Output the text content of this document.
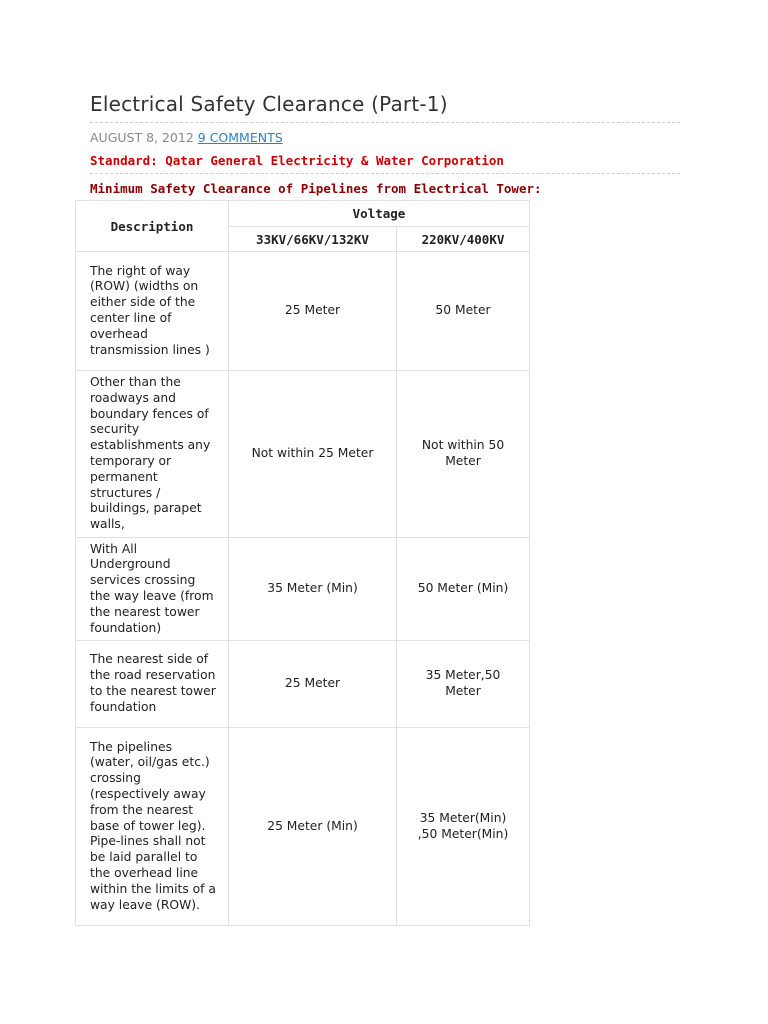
Electrical Safety Clearance (Part-1)
AUGUST 8, 2012 9 COMMENTS
Standard: Qatar General Electricity & Water Corporation
Minimum Safety Clearance of Pipelines from Electrical Tower:
Description	Voltage	
	33KV/66KV/132KV	220KV/400KV
The right of way (ROW) (widths on either side of the center line of overhead transmission lines )	25 Meter	50 Meter
Other than the roadways and boundary fences of security establishments any temporary or permanent structures / buildings, parapet walls,	Not within 25 Meter	Not within 50 Meter
With All Underground services crossing the way leave (from the nearest tower foundation)	35 Meter (Min)	50 Meter (Min)
The nearest side of the road reservation to the nearest tower foundation	25 Meter	35 Meter,50 Meter
The pipelines (water, oil/gas etc.) crossing (respectively away from the nearest base of tower leg). Pipe-lines shall not be laid parallel to the overhead line within the limits of a way leave (ROW).	25 Meter (Min)	35 Meter(Min) ,50 Meter(Min)
